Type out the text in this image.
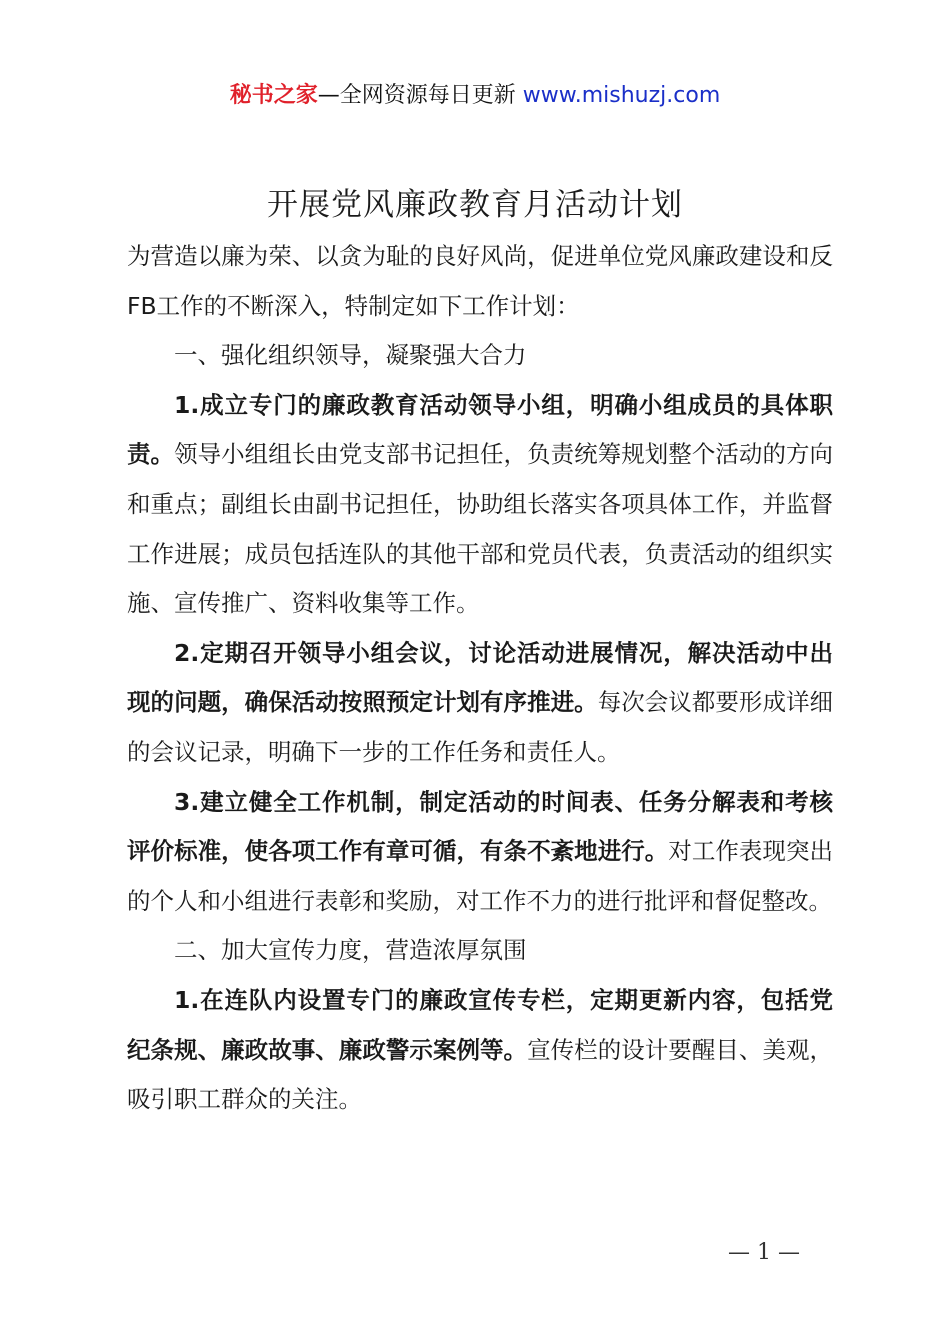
秘书之家—全网资源每日更新 www.mishuzj.com
开展党风廉政教育月活动计划

为营造以廉为荣、以贪为耻的良好风尚，促进单位党风廉政建设和反FB工作的不断深入，特制定如下工作计划：

一、强化组织领导，凝聚强大合力

1.成立专门的廉政教育活动领导小组，明确小组成员的具体职责。领导小组组长由党支部书记担任，负责统筹规划整个活动的方向和重点；副组长由副书记担任，协助组长落实各项具体工作，并监督工作进展；成员包括连队的其他干部和党员代表，负责活动的组织实施、宣传推广、资料收集等工作。

2.定期召开领导小组会议，讨论活动进展情况，解决活动中出现的问题，确保活动按照预定计划有序推进。每次会议都要形成详细的会议记录，明确下一步的工作任务和责任人。

3.建立健全工作机制，制定活动的时间表、任务分解表和考核评价标准，使各项工作有章可循，有条不紊地进行。对工作表现突出的个人和小组进行表彰和奖励，对工作不力的进行批评和督促整改。

二、加大宣传力度，营造浓厚氛围

1.在连队内设置专门的廉政宣传专栏，定期更新内容，包括党纪条规、廉政故事、廉政警示案例等。宣传栏的设计要醒目、美观，吸引职工群众的关注。

— 1 —
